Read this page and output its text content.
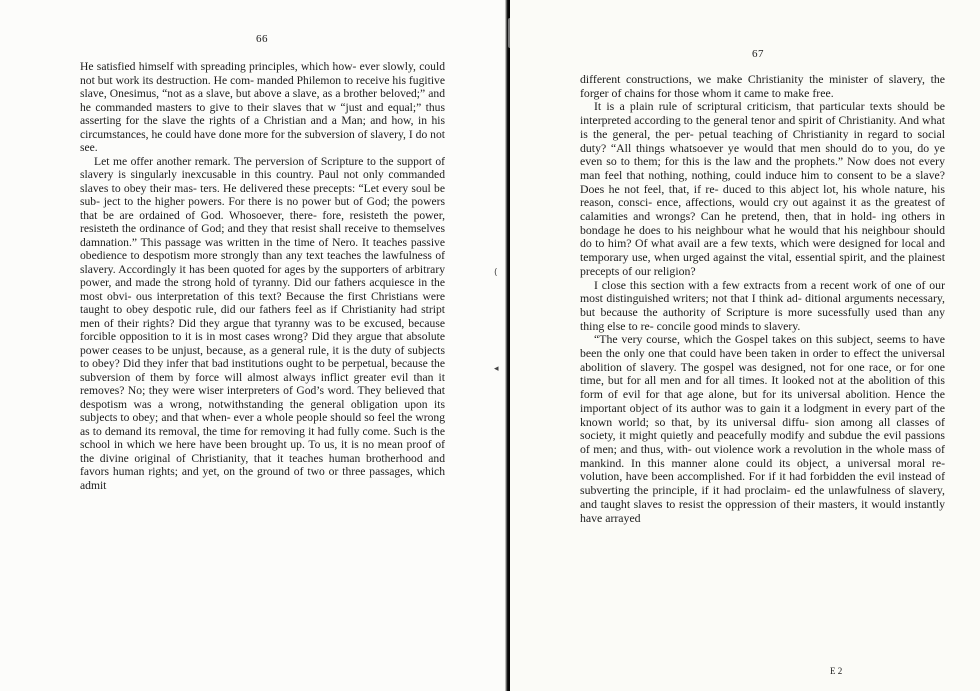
66

He satisfied himself with spreading principles, which how- ever slowly, could not but work its destruction. He com- manded Philemon to receive his fugitive slave, Onesimus, “not as a slave, but above a slave, as a brother beloved;” and he commanded masters to give to their slaves that w “just and equal;” thus asserting for the slave the rights of a Christian and a Man; and how, in his circumstances, he could have done more for the subversion of slavery, I do not see.

Let me offer another remark. The perversion of Scripture to the support of slavery is singularly inexcusable in this country. Paul not only commanded slaves to obey their mas- ters. He delivered these precepts: “Let every soul be sub- ject to the higher powers. For there is no power but of God; the powers that be are ordained of God. Whosoever, there- fore, resisteth the power, resisteth the ordinance of God; and they that resist shall receive to themselves damnation.” This passage was written in the time of Nero. It teaches passive obedience to despotism more strongly than any text teaches the lawfulness of slavery. Accordingly it has been quoted for ages by the supporters of arbitrary power, and made the strong hold of tyranny. Did our fathers acquiesce in the most obvi- ous interpretation of this text? Because the first Christians were taught to obey despotic rule, did our fathers feel as if Christianity had stript men of their rights? Did they argue that tyranny was to be excused, because forcible opposition to it is in most cases wrong? Did they argue that absolute power ceases to be unjust, because, as a general rule, it is the duty of subjects to obey? Did they infer that bad institutions ought to be perpetual, because the subversion of them by force will almost always inflict greater evil than it removes? No; they were wiser interpreters of God’s word. They believed that despotism was a wrong, notwithstanding the general obligation upon its subjects to obey; and that when- ever a whole people should so feel the wrong as to demand its removal, the time for removing it had fully come. Such is the school in which we here have been brought up. To us, it is no mean proof of the divine original of Christianity, that it teaches human brotherhood and favors human rights; and yet, on the ground of two or three passages, which admit

(
◂
67

different constructions, we make Christianity the minister of slavery, the forger of chains for those whom it came to make free.

It is a plain rule of scriptural criticism, that particular texts should be interpreted according to the general tenor and spirit of Christianity. And what is the general, the per- petual teaching of Christianity in regard to social duty? “All things whatsoever ye would that men should do to you, do ye even so to them; for this is the law and the prophets.” Now does not every man feel that nothing, nothing, could induce him to consent to be a slave? Does he not feel, that, if re- duced to this abject lot, his whole nature, his reason, consci- ence, affections, would cry out against it as the greatest of calamities and wrongs? Can he pretend, then, that in hold- ing others in bondage he does to his neighbour what he would that his neighbour should do to him? Of what avail are a few texts, which were designed for local and temporary use, when urged against the vital, essential spirit, and the plainest precepts of our religion?

I close this section with a few extracts from a recent work of one of our most distinguished writers; not that I think ad- ditional arguments necessary, but because the authority of Scripture is more sucessfully used than any thing else to re- concile good minds to slavery.

“The very course, which the Gospel takes on this subject, seems to have been the only one that could have been taken in order to effect the universal abolition of slavery. The gospel was designed, not for one race, or for one time, but for all men and for all times. It looked not at the abolition of this form of evil for that age alone, but for its universal abolition. Hence the important object of its author was to gain it a lodgment in every part of the known world; so that, by its universal diffu- sion among all classes of society, it might quietly and peacefully modify and subdue the evil passions of men; and thus, with- out violence work a revolution in the whole mass of mankind. In this manner alone could its object, a universal moral re- volution, have been accomplished. For if it had forbidden the evil instead of subverting the principle, if it had proclaim- ed the unlawfulness of slavery, and taught slaves to resist the oppression of their masters, it would instantly have arrayed

E 2
